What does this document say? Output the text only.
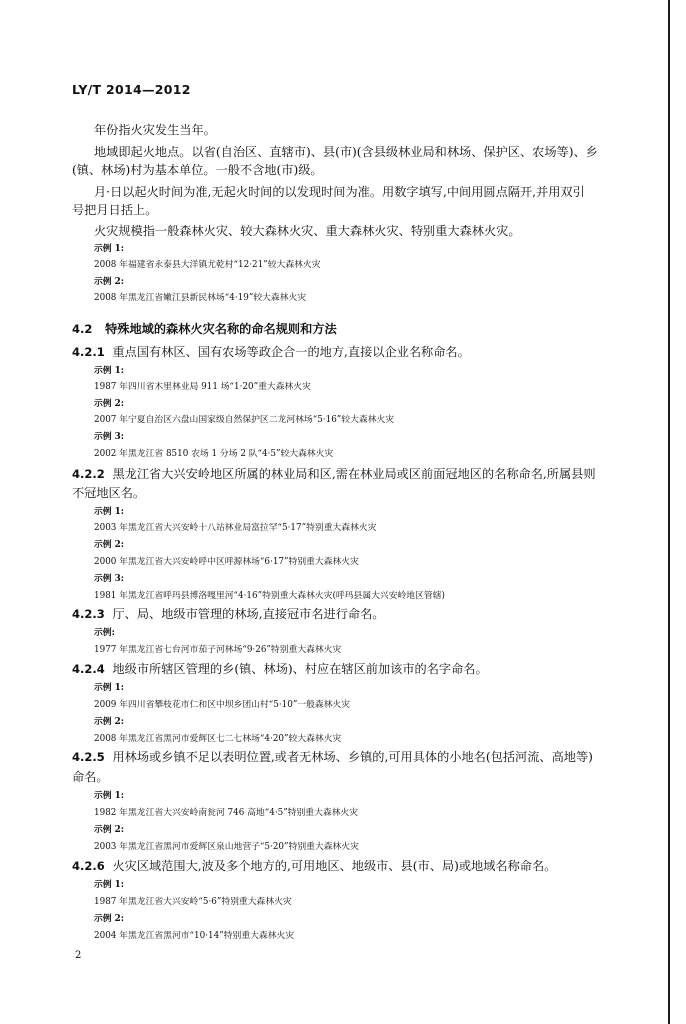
LY/T 2014—2012
年份指火灾发生当年。
地域即起火地点。以省(自治区、直辖市)、县(市)(含县级林业局和林场、保护区、农场等)、乡
(镇、林场)村为基本单位。一般不含地(市)级。
月·日以起火时间为准,无起火时间的以发现时间为准。用数字填写,中间用圆点隔开,并用双引
号把月日括上。
火灾规模指一般森林火灾、较大森林火灾、重大森林火灾、特别重大森林火灾。
示例 1:
2008 年福建省永泰县大洋镇尤乾村“12·21”较大森林火灾
示例 2:
2008 年黑龙江省嫩江县新民林场“4·19”较大森林火灾
4.2 特殊地域的森林火灾名称的命名规则和方法
4.2.1 重点国有林区、国有农场等政企合一的地方,直接以企业名称命名。
示例 1:
1987 年四川省木里林业局 911 场“1·20”重大森林火灾
示例 2:
2007 年宁夏自治区六盘山国家级自然保护区二龙河林场“5·16”较大森林火灾
示例 3:
2002 年黑龙江省 8510 农场 1 分场 2 队“4·5”较大森林火灾
4.2.2 黑龙江省大兴安岭地区所属的林业局和区,需在林业局或区前面冠地区的名称命名,所属县则
不冠地区名。
示例 1:
2003 年黑龙江省大兴安岭十八站林业局富拉罕“5·17”特别重大森林火灾
示例 2:
2000 年黑龙江省大兴安岭呼中区呼源林场“6·17”特别重大森林火灾
示例 3:
1981 年黑龙江省呼玛县博洛嘎里河“4·16”特别重大森林火灾(呼玛县属大兴安岭地区管辖)
4.2.3 厅、局、地级市管理的林场,直接冠市名进行命名。
示例:
1977 年黑龙江省七台河市茄子河林场“9·26”特别重大森林火灾
4.2.4 地级市所辖区管理的乡(镇、林场)、村应在辖区前加该市的名字命名。
示例 1:
2009 年四川省攀枝花市仁和区中坝乡团山村“5·10”一般森林火灾
示例 2:
2008 年黑龙江省黑河市爱辉区七二七林场“4·20”较大森林火灾
4.2.5 用林场或乡镇不足以表明位置,或者无林场、乡镇的,可用具体的小地名(包括河流、高地等)
命名。
示例 1:
1982 年黑龙江省大兴安岭南瓮河 746 高地“4·5”特别重大森林火灾
示例 2:
2003 年黑龙江省黑河市爱辉区泉山地营子“5·20”特别重大森林火灾
4.2.6 火灾区域范围大,波及多个地方的,可用地区、地级市、县(市、局)或地域名称命名。
示例 1:
1987 年黑龙江省大兴安岭“5·6”特别重大森林火灾
示例 2:
2004 年黑龙江省黑河市“10·14”特别重大森林火灾
2
